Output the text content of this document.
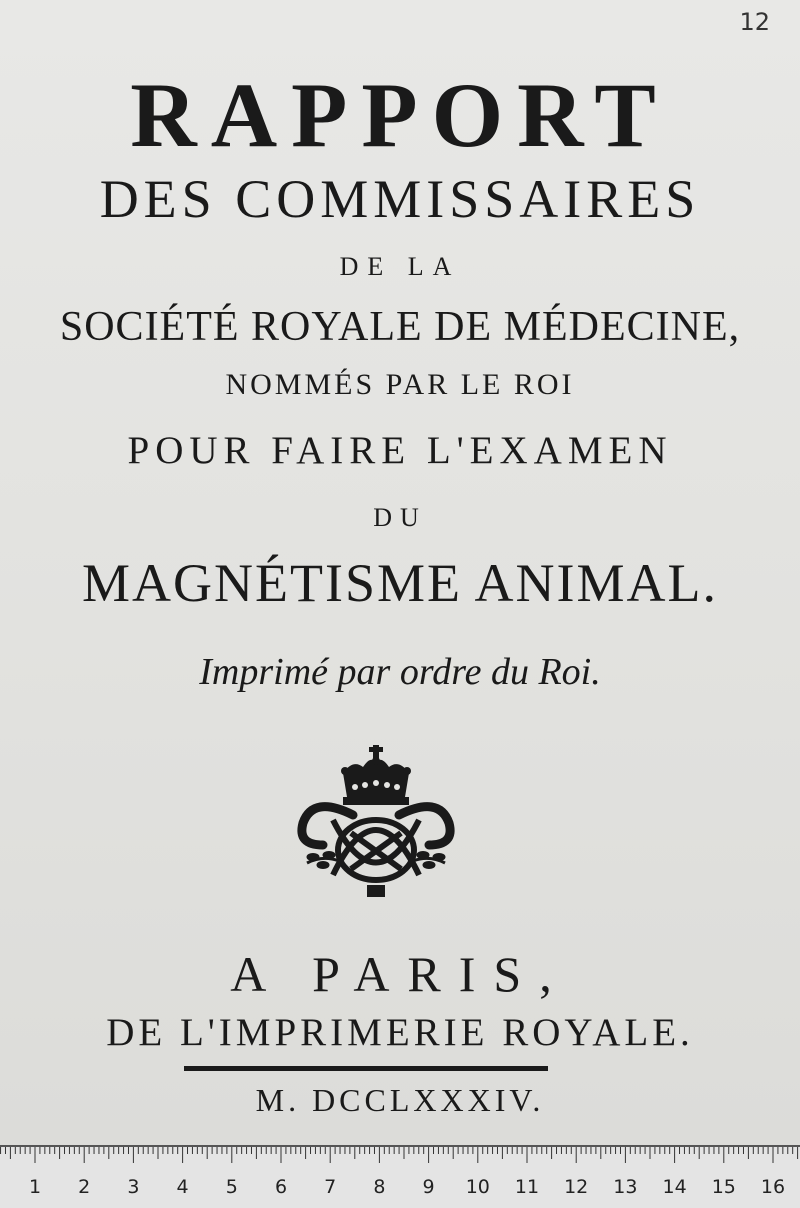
12
RAPPORT
DES COMMISSAIRES
DE LA
SOCIÉTÉ ROYALE DE MÉDECINE,
NOMMÉS PAR LE ROI
POUR FAIRE L'EXAMEN
DU
MAGNÉTISME ANIMAL.
Imprimé par ordre du Roi.
A PARIS,
DE L'IMPRIMERIE ROYALE.
M. DCCLXXXIV.
1 2 3 4 5 6 7 8 9 10 11 12 13 14 15 16
